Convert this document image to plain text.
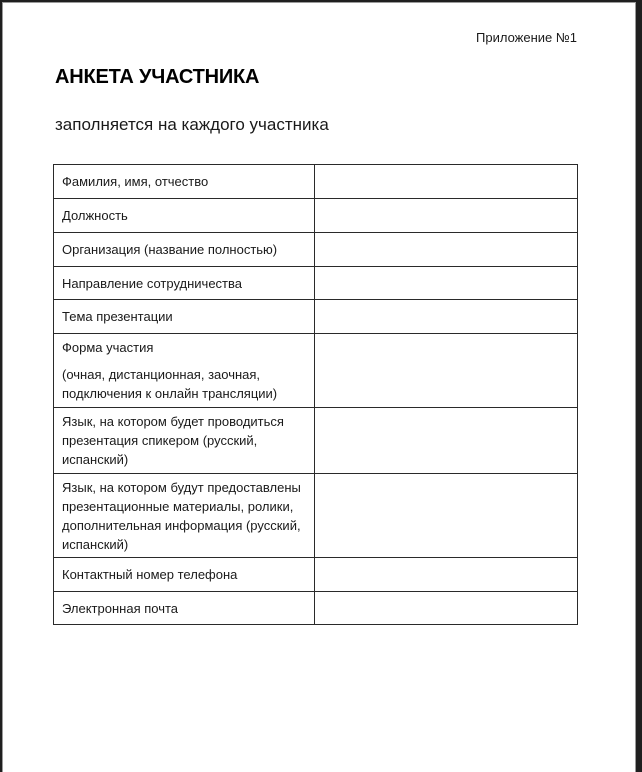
Приложение №1
АНКЕТА УЧАСТНИКА
заполняется на каждого участника
Фамилия, имя, отчество	
Должность	
Организация (название полностью)	
Направление сотрудничества	
Тема презентации	
Форма участия
(очная, дистанционная, заочная, подключения к онлайн трансляции)	

Язык, на котором будет проводиться презентация спикером (русский, испанский)	
Язык, на котором будут предоставлены презентационные материалы, ролики, дополнительная информация (русский, испанский)	
Контактный номер телефона	
Электронная почта	
